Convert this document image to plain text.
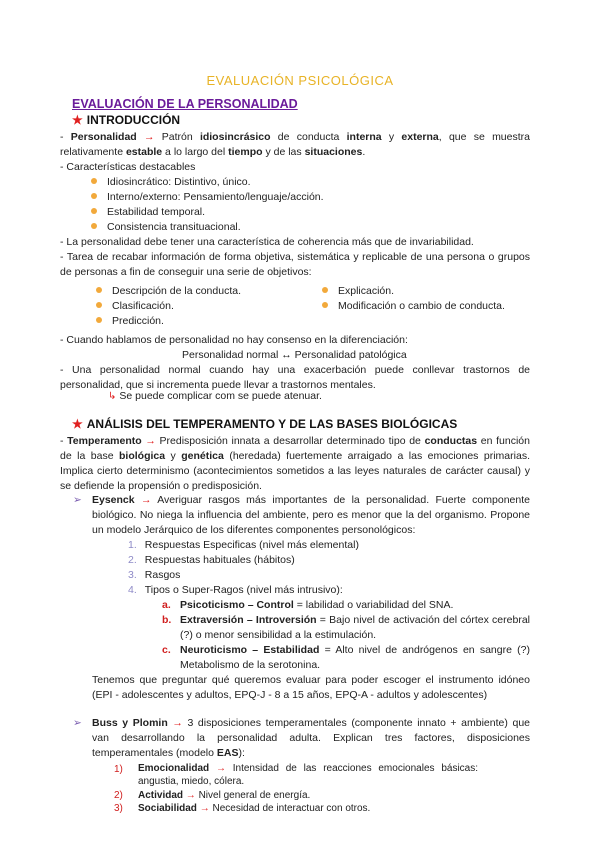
EVALUACIÓN PSICOLÓGICA
EVALUACIÓN DE LA PERSONALIDAD
★ INTRODUCCIÓN
- Personalidad → Patrón idiosincrásico de conducta interna y externa, que se muestra relativamente estable a lo largo del tiempo y de las situaciones.
- Características destacables
Idiosincrático: Distintivo, único.
Interno/externo: Pensamiento/lenguaje/acción.
Estabilidad temporal.
Consistencia transituacional.
- La personalidad debe tener una característica de coherencia más que de invariabilidad.
- Tarea de recabar información de forma objetiva, sistemática y replicable de una persona o grupos de personas a fin de conseguir una serie de objetivos:
Descripción de la conducta.
Clasificación.
Predicción.
Explicación.
Modificación o cambio de conducta.
- Cuando hablamos de personalidad no hay consenso en la diferenciación:
Personalidad normal ↔ Personalidad patológica
- Una personalidad normal cuando hay una exacerbación puede conllevar trastornos de personalidad, que si incrementa puede llevar a trastornos mentales.
↳ Se puede complicar com se puede atenuar.
★ ANÁLISIS DEL TEMPERAMENTO Y DE LAS BASES BIOLÓGICAS
- Temperamento → Predisposición innata a desarrollar determinado tipo de conductas en función de la base biológica y genética (heredada) fuertemente arraigado a las emociones primarias. Implica cierto determinismo (acontecimientos sometidos a las leyes naturales de carácter causal) y se defiende la propensión o predisposición.
➢ Eysenck → Averiguar rasgos más importantes de la personalidad. Fuerte componente biológico. No niega la influencia del ambiente, pero es menor que la del organismo. Propone un modelo Jerárquico de los diferentes componentes personológicos:
1. Respuestas Especificas (nivel más elemental)
2. Respuestas habituales (hábitos)
3. Rasgos
4. Tipos o Super-Ragos (nivel más intrusivo):
a. Psicoticismo – Control = labilidad o variabilidad del SNA.
b. Extraversión – Introversión = Bajo nivel de activación del córtex cerebral (?) o menor sensibilidad a la estimulación.
c. Neuroticismo – Estabilidad = Alto nivel de andrógenos en sangre (?) Metabolismo de la serotonina.
Tenemos que preguntar qué queremos evaluar para poder escoger el instrumento idóneo (EPI - adolescentes y adultos, EPQ-J - 8 a 15 años, EPQ-A - adultos y adolescentes)
➢ Buss y Plomin → 3 disposiciones temperamentales (componente innato + ambiente) que van desarrollando la personalidad adulta. Explican tres factores, disposiciones temperamentales (modelo EAS):
1) Emocionalidad → Intensidad de las reacciones emocionales básicas: angustia, miedo, cólera.
2) Actividad → Nivel general de energía.
3) Sociabilidad → Necesidad de interactuar con otros.
